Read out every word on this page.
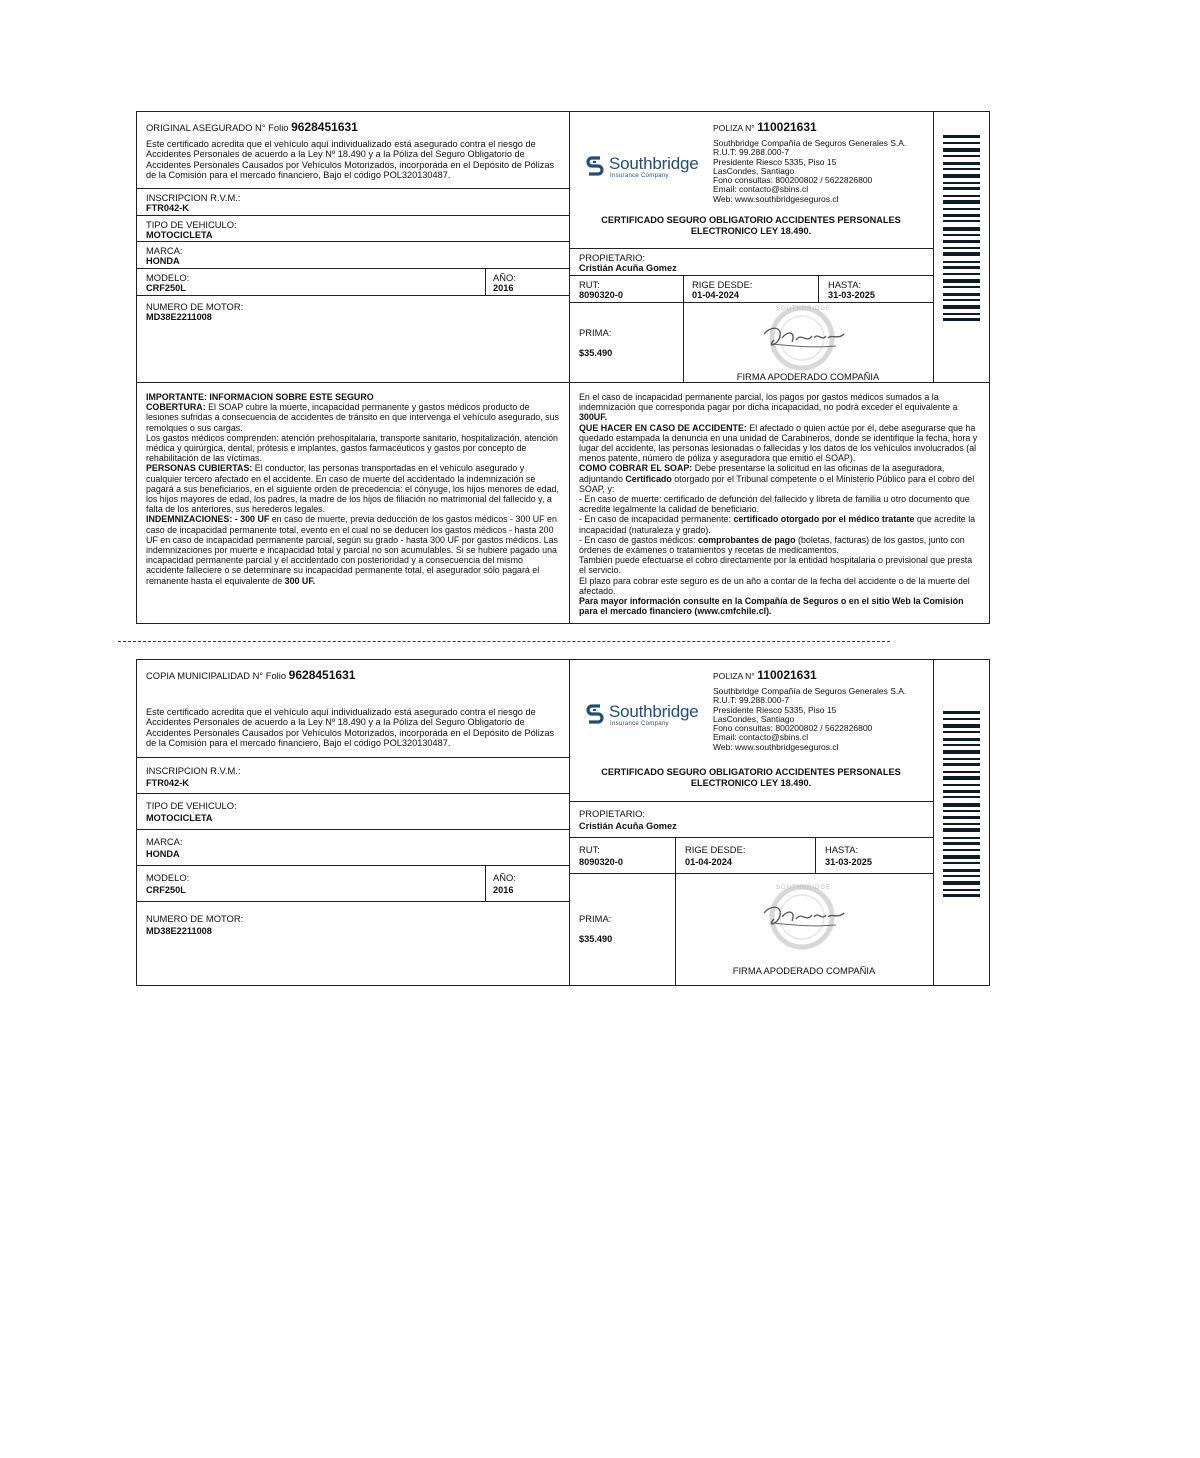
ORIGINAL ASEGURADO N° Folio 9628451631
Este certificado acredita que el vehículo aquí individualizado está asegurado contra el riesgo de Accidentes Personales de acuerdo a la Ley Nº 18.490 y a la Póliza del Seguro Obligatorio de Accidentes Personales Causados por Vehículos Motorizados, incorporada en el Depósito de Pólizas de la Comisión para el mercado financiero, Bajo el código POL320130487.
INSCRIPCION R.V.M.:
FTR042-K
TIPO DE VEHICULO:
MOTOCICLETA
MARCA:
HONDA
MODELO:
CRF250L
AÑO:
2016
NUMERO DE MOTOR:
MD38E2211008
Southbridge
Insurance Company
POLIZA N° 110021631
Southbridge Compañía de Seguros Generales S.A.
R.U.T: 99.288.000-7
Presidente Riesco 5335, Piso 15
LasCondes, Santiago
Fono consultas: 800200802 / 5622826800
Email: contacto@sbins.cl
Web: www.southbridgeseguros.cl
CERTIFICADO SEGURO OBLIGATORIO ACCIDENTES PERSONALES
ELECTRONICO LEY 18.490.
PROPIETARIO:
Cristián Acuña Gomez
RUT:
8090320-0
RIGE DESDE:
01-04-2024
HASTA:
31-03-2025
PRIMA:
$35.490
SOUTHBRIDGE
FIRMA APODERADO COMPAÑIA
IMPORTANTE: INFORMACION SOBRE ESTE SEGURO
COBERTURA: El SOAP cubre la muerte, incapacidad permanente y gastos médicos producto de lesiones sufridas a consecuencia de accidentes de tránsito en que intervenga el vehículo asegurado, sus remolques o sus cargas.
Los gastos médicos comprenden: atención prehospitalaria, transporte sanitario, hospitalización, atención médica y quirúrgica, dental, prótesis e implantes, gastos farmacéuticos y gastos por concepto de rehabilitación de las víctimas.
PERSONAS CUBIERTAS: El conductor, las personas transportadas en el vehículo asegurado y cualquier tercero afectado en el accidente. En caso de muerte del accidentado la indemnización se pagará a sus beneficiarios, en el siguiente orden de precedencia: el cónyuge, los hijos menores de edad, los hijos mayores de edad, los padres, la madre de los hijos de filiación no matrimonial del fallecido y, a falta de los anteriores, sus herederos legales.
INDEMNIZACIONES: - 300 UF en caso de muerte, previa deducción de los gastos médicos - 300 UF en caso de incapacidad permanente total, evento en el cual no se deducen los gastos médicos - hasta 200 UF en caso de incapacidad permanente parcial, según su grado - hasta 300 UF por gastos médicos. Las indemnizaciones por muerte e incapacidad total y parcial no son acumulables. Si se hubiere pagado una incapacidad permanente parcial y el accidentado con posterioridad y a consecuencia del mismo accidente falleciere o se determinare su incapacidad permanente total, el asegurador sólo pagará el remanente hasta el equivalente de 300 UF.
En el caso de incapacidad permanente parcial, los pagos por gastos médicos sumados a la indemnización que corresponda pagar por dicha incapacidad, no podrá exceder el equivalente a 300UF.
QUE HACER EN CASO DE ACCIDENTE: El afectado o quien actúe por él, debe asegurarse que ha quedado estampada la denuncia en una unidad de Carabineros, donde se identifique la fecha, hora y lugar del accidente, las personas lesionadas o fallecidas y los datos de los vehículos involucrados (al menos patente, número de póliza y aseguradora que emitió el SOAP).
COMO COBRAR EL SOAP: Debe presentarse la solicitud en las oficinas de la aseguradora, adjuntando Certificado otorgado por el Tribunal competente o el Ministerio Público para el cobro del SOAP, y:
- En caso de muerte: certificado de defunción del fallecido y libreta de familia u otro documento que acredite legalmente la calidad de beneficiario.
- En caso de incapacidad permanente: certificado otorgado por el médico tratante que acredite la incapacidad (naturaleza y grado).
- En caso de gastos médicos: comprobantes de pago (boletas, facturas) de los gastos, junto con órdenes de exámenes o tratamientos y recetas de medicamentos.
También puede efectuarse el cobro directamente por la entidad hospitalaria o previsional que presta el servicio.
El plazo para cobrar este seguro es de un año a contar de la fecha del accidente o de la muerte del afectado.
Para mayor información consulte en la Compañía de Seguros o en el sitio Web la Comisión para el mercado financiero (www.cmfchile.cl).
COPIA MUNICIPALIDAD N° Folio 9628451631
Este certificado acredita que el vehículo aquí individualizado está asegurado contra el riesgo de Accidentes Personales de acuerdo a la Ley Nº 18.490 y a la Póliza del Seguro Obligatorio de Accidentes Personales Causados por Vehículos Motorizados, incorporada en el Depósito de Pólizas de la Comisión para el mercado financiero, Bajo el código POL320130487.
INSCRIPCION R.V.M.:
FTR042-K
TIPO DE VEHICULO:
MOTOCICLETA
MARCA:
HONDA
MODELO:
CRF250L
AÑO:
2016
NUMERO DE MOTOR:
MD38E2211008
Southbridge
Insurance Company
POLIZA N° 110021631
Southbridge Compañía de Seguros Generales S.A.
R.U.T: 99.288.000-7
Presidente Riesco 5335, Piso 15
LasCondes, Santiago
Fono consultas: 800200802 / 5622826800
Email: contacto@sbins.cl
Web: www.southbridgeseguros.cl
CERTIFICADO SEGURO OBLIGATORIO ACCIDENTES PERSONALES
ELECTRONICO LEY 18.490.
PROPIETARIO:
Cristián Acuña Gomez
RUT:
8090320-0
RIGE DESDE:
01-04-2024
HASTA:
31-03-2025
PRIMA:
$35.490
SOUTHBRIDGE
FIRMA APODERADO COMPAÑIA
